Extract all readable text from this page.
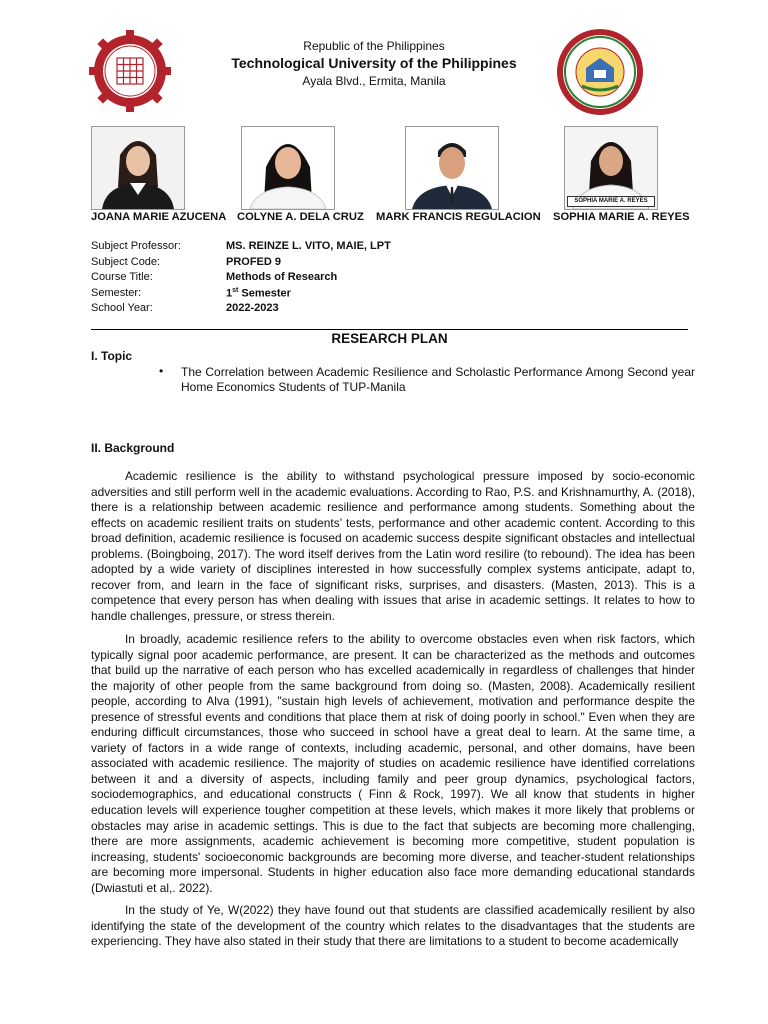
Republic of the Philippines
Technological University of the Philippines
Ayala Blvd., Ermita, Manila
SOPHIA MARIE A. REYES
JOANA MARIE AZUCENA COLYNE A. DELA CRUZ MARK FRANCIS REGULACION SOPHIA MARIE A. REYES
Subject Professor:	MS. REINZE L. VITO, MAIE, LPT
Subject Code:	PROFED 9
Course Title:	Methods of Research
Semester:	1st Semester
School Year:	2022-2023
RESEARCH PLAN
I. Topic
• The Correlation between Academic Resilience and Scholastic Performance Among Second year Home Economics Students of TUP-Manila
II. Background
Academic resilience is the ability to withstand psychological pressure imposed by socio-economic adversities and still perform well in the academic evaluations. According to Rao, P.S. and Krishnamurthy, A. (2018), there is a relationship between academic resilience and performance among students. Something about the effects on academic resilient traits on students’ tests, performance and other academic content. According to this broad definition, academic resilience is focused on academic success despite significant obstacles and intellectual problems. (Boingboing, 2017). The word itself derives from the Latin word resilire (to rebound). The idea has been adopted by a wide variety of disciplines interested in how successfully complex systems anticipate, adapt to, recover from, and learn in the face of significant risks, surprises, and disasters. (Masten, 2013). This is a competence that every person has when dealing with issues that arise in academic settings. It relates to how to handle challenges, pressure, or stress therein.
In broadly, academic resilience refers to the ability to overcome obstacles even when risk factors, which typically signal poor academic performance, are present. It can be characterized as the methods and outcomes that build up the narrative of each person who has excelled academically in regardless of challenges that hinder the majority of other people from the same background from doing so. (Masten, 2008). Academically resilient people, according to Alva (1991), "sustain high levels of achievement, motivation and performance despite the presence of stressful events and conditions that place them at risk of doing poorly in school." Even when they are enduring difficult circumstances, those who succeed in school have a great deal to learn. At the same time, a variety of factors in a wide range of contexts, including academic, personal, and other domains, have been associated with academic resilience. The majority of studies on academic resilience have identified correlations between it and a diversity of aspects, including family and peer group dynamics, psychological factors, sociodemographics, and educational constructs ( Finn & Rock, 1997). We all know that students in higher education levels will experience tougher competition at these levels, which makes it more likely that problems or obstacles may arise in academic settings. This is due to the fact that subjects are becoming more challenging, there are more assignments, academic achievement is becoming more competitive, student population is increasing, students' socioeconomic backgrounds are becoming more diverse, and teacher-student relationships are becoming more impersonal. Students in higher education also face more demanding educational standards (Dwiastuti et al,. 2022).
In the study of Ye, W(2022) they have found out that students are classified academically resilient by also identifying the state of the development of the country which relates to the disadvantages that the students are experiencing. They have also stated in their study that there are limitations to a student to become academically
